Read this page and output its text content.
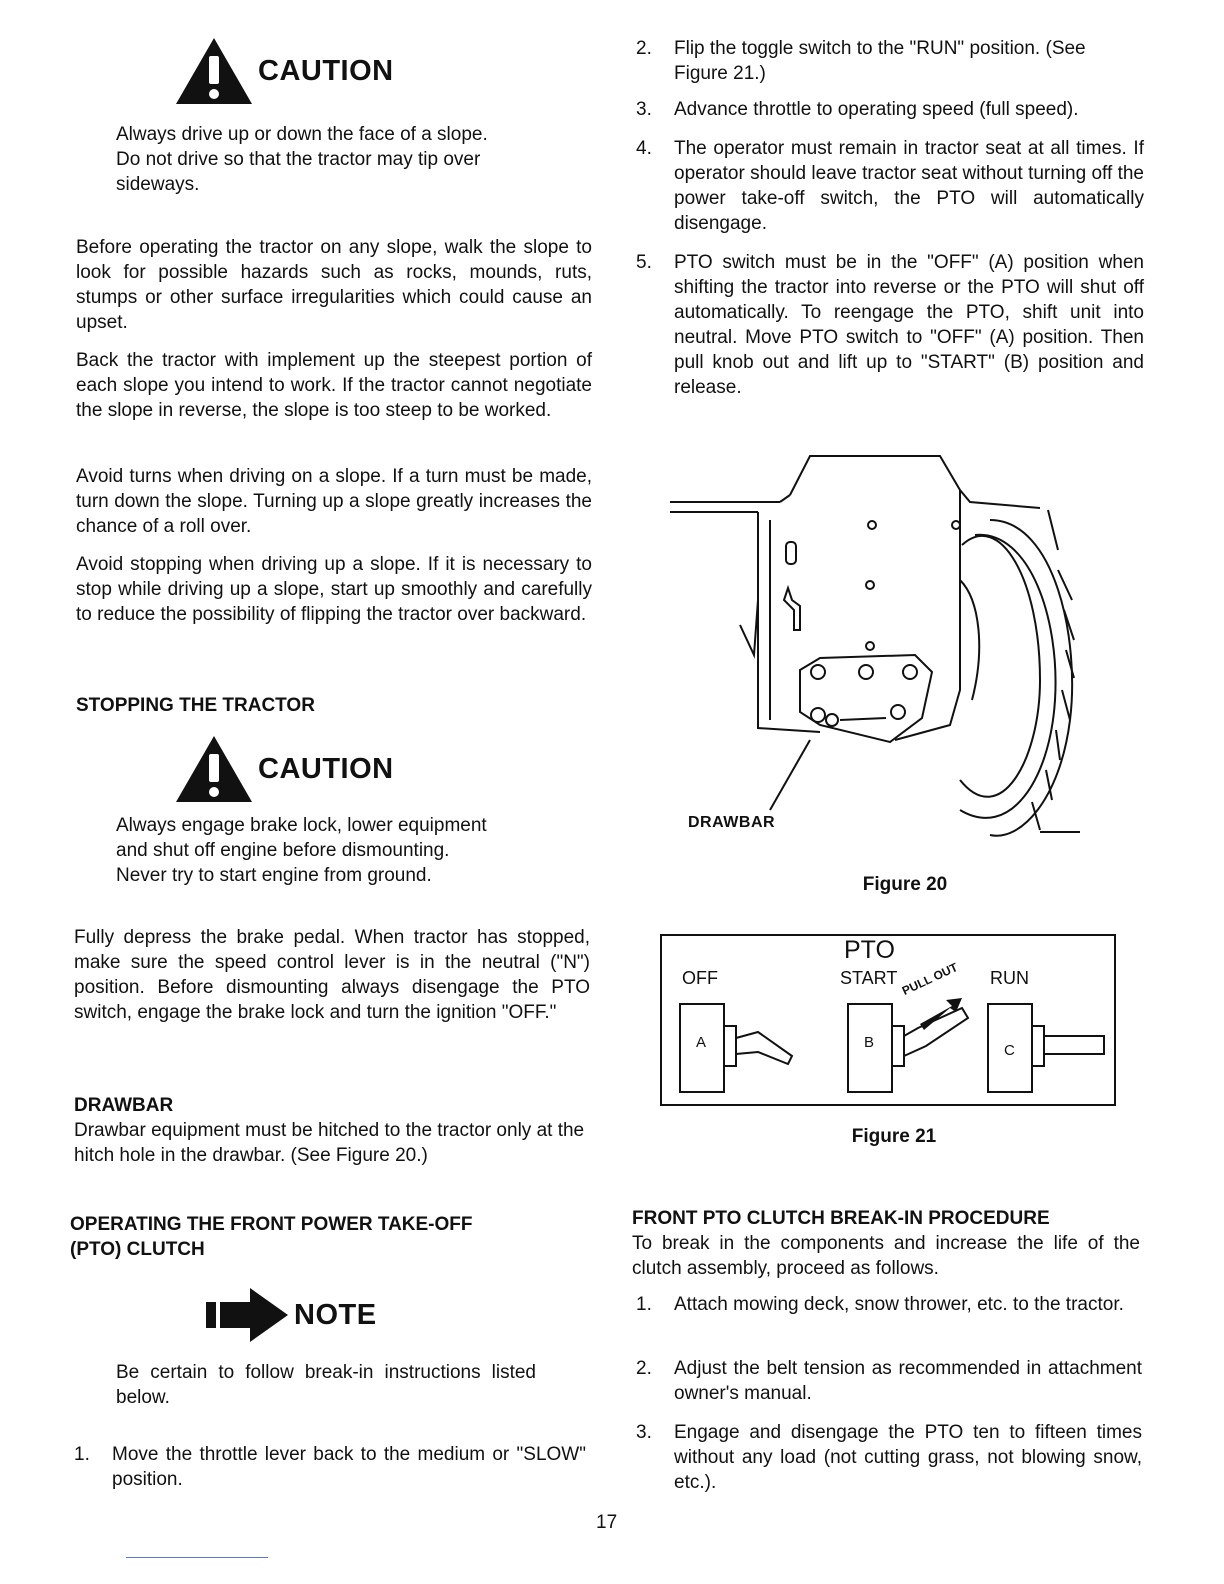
CAUTION

Always drive up or down the face of a slope.

Do not drive so that the tractor may tip over

sideways.

Before operating the tractor on any slope, walk the slope to look for possible hazards such as rocks, mounds, ruts, stumps or other surface irregularities which could cause an upset.

Back the tractor with implement up the steepest portion of each slope you intend to work. If the tractor cannot negotiate the slope in reverse, the slope is too steep to be worked.

Avoid turns when driving on a slope. If a turn must be made, turn down the slope. Turning up a slope greatly increases the chance of a roll over.

Avoid stopping when driving up a slope. If it is necessary to stop while driving up a slope, start up smoothly and carefully to reduce the possibility of flipping the tractor over backward.

STOPPING THE TRACTOR
CAUTION

Always engage brake lock, lower equipment

and shut off engine before dismounting.

Never try to start engine from ground.

Fully depress the brake pedal. When tractor has stopped, make sure the speed control lever is in the neutral ("N") position. Before dismounting always disengage the PTO switch, engage the brake lock and turn the ignition "OFF."

DRAWBAR

Drawbar equipment must be hitched to the tractor only at the hitch hole in the drawbar. (See Figure 20.)

OPERATING THE FRONT POWER TAKE-OFF
(PTO) CLUTCH
NOTE

Be certain to follow break-in instructions listed below.

1.	Move the throttle lever back to the medium or "SLOW" position.
2.	Flip the toggle switch to the "RUN" position. (See Figure 21.)
3.	Advance throttle to operating speed (full speed).
4.	The operator must remain in tractor seat at all times. If operator should leave tractor seat without turning off the power take-off switch, the PTO will automatically disengage.
5.	PTO switch must be in the "OFF" (A) position when shifting the tractor into reverse or the PTO will shut off automatically. To reengage the PTO, shift unit into neutral. Move PTO switch to "OFF" (A) position. Then pull knob out and lift up to "START" (B) position and release.
DRAWBAR
Figure 20
PTO
OFF	START	RUN
PULL OUT
A	B	C
Figure 21
FRONT PTO CLUTCH BREAK-IN PROCEDURE

To break in the components and increase the life of the clutch assembly, proceed as follows.

1.	Attach mowing deck, snow thrower, etc. to the tractor.
2.	Adjust the belt tension as recommended in attachment owner's manual.
3.	Engage and disengage the PTO ten to fifteen times without any load (not cutting grass, not blowing snow, etc.).
17
